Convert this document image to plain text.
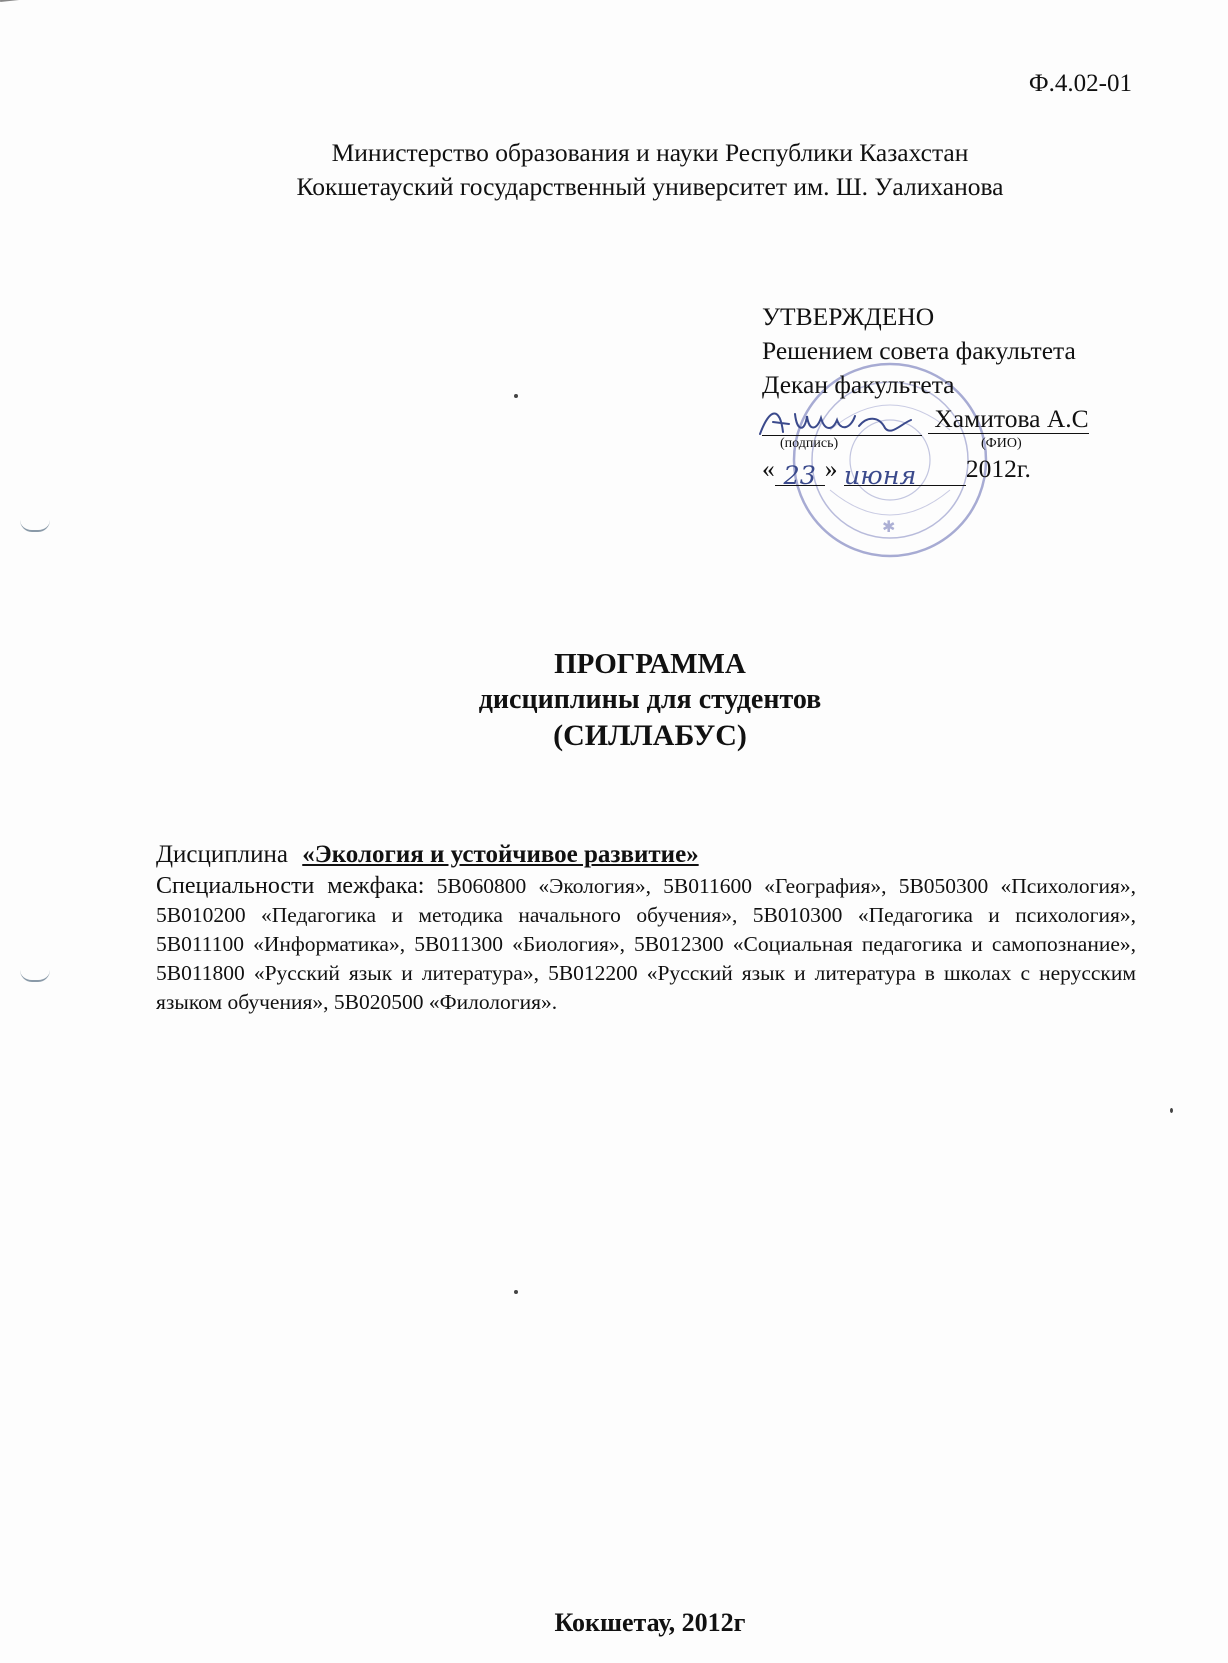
Ф.4.02-01
Министерство образования и науки Республики Казахстан
Кокшетауский государственный университет им. Ш. Уалиханова
✱
УТВЕРЖДЕНО
Решением совета факультета
Декан факультета
Хамитова А.С
(подпись)	(ФИО)
« 23 » июня 2012г.
ПРОГРАММА
дисциплины для студентов
(СИЛЛАБУС)
Дисциплина «Экология и устойчивое развитие»
Специальности межфака: 5В060800 «Экология», 5В011600 «География», 5В050300 «Психология», 5В010200 «Педагогика и методика начального обучения», 5В010300 «Педагогика и психология», 5В011100 «Информатика», 5В011300 «Биология», 5В012300 «Социальная педагогика и самопознание», 5В011800 «Русский язык и литература», 5В012200 «Русский язык и литература в школах с нерусским языком обучения», 5В020500 «Филология».
Кокшетау, 2012г
